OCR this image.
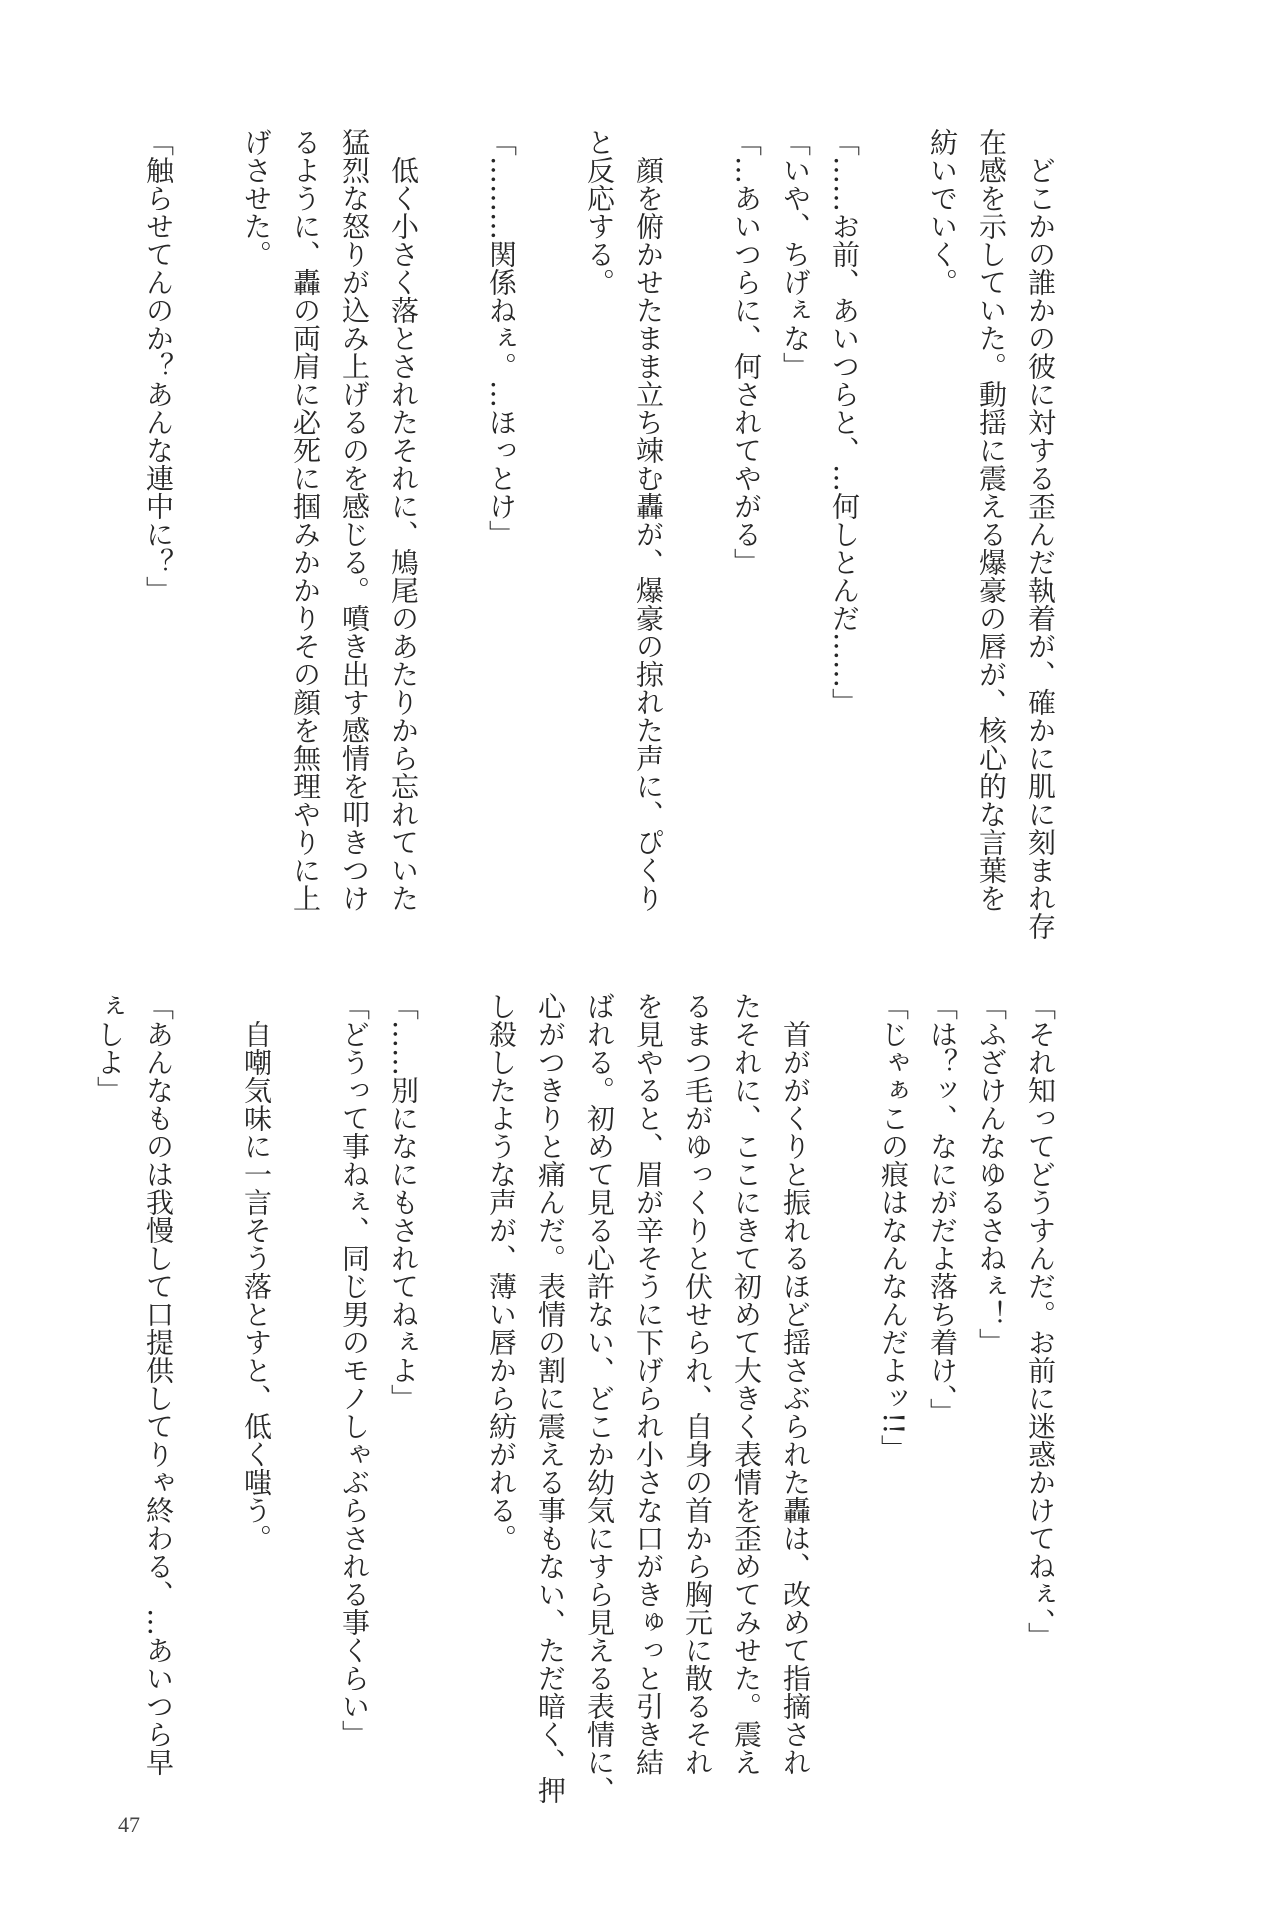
　どこかの誰かの彼に対する歪んだ執着が、確かに肌に刻まれ存
在感を示していた。動揺に震える爆豪の唇が、核心的な言葉を
紡いでいく。
「……お前、あいつらと、…何しとんだ……」
「いや、ちげぇな」
「…あいつらに、何されてやがる」
　顔を俯かせたまま立ち竦む轟が、爆豪の掠れた声に、ぴくり
と反応する。
「………関係ねぇ。…ほっとけ」
　低く小さく落とされたそれに、鳩尾のあたりから忘れていた
猛烈な怒りが込み上げるのを感じる。噴き出す感情を叩きつけ
るように、轟の両肩に必死に掴みかかりその顔を無理やりに上
げさせた。
「触らせてんのか？あんな連中に？」
「それ知ってどうすんだ。お前に迷惑かけてねぇ、」
「ふざけんなゆるさねぇ！」
「は？ッ、なにがだよ落ち着け、」
「じゃぁこの痕はなんなんだよッ!!」
　首ががくりと振れるほど揺さぶられた轟は、改めて指摘され
たそれに、ここにきて初めて大きく表情を歪めてみせた。震え
るまつ毛がゆっくりと伏せられ、自身の首から胸元に散るそれ
を見やると、眉が辛そうに下げられ小さな口がきゅっと引き結
ばれる。初めて見る心許ない、どこか幼気にすら見える表情に、
心がつきりと痛んだ。表情の割に震える事もない、ただ暗く、押
し殺したような声が、薄い唇から紡がれる。
「……別になにもされてねぇよ」
「どうって事ねぇ、同じ男のモノしゃぶらされる事くらい」
　自嘲気味に一言そう落とすと、低く嗤う。
「あんなものは我慢して口提供してりゃ終わる、…あいつら早
ぇしよ」
47
